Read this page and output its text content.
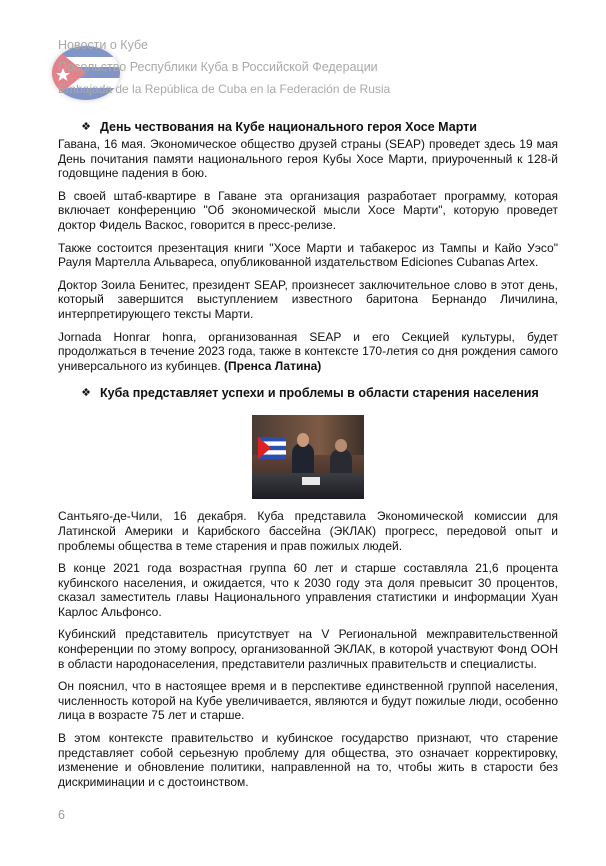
Новости о Кубе
Посольство Республики Куба в Российской Федерации
Embajada de la República de Cuba en la Federación de Rusia
❖ День чествования на Кубе национального героя Хосе Марти

Гавана, 16 мая. Экономическое общество друзей страны (SEAP) проведет здесь 19 мая День почитания памяти национального героя Кубы Хосе Марти, приуроченный к 128-й годовщине падения в бою.

В своей штаб-квартире в Гаване эта организация разработает программу, которая включает конференцию "Об экономической мысли Хосе Марти", которую проведет доктор Фидель Васкос, говорится в пресс-релизе.

Также состоится презентация книги "Хосе Марти и табакерос из Тампы и Кайо Уэсо" Рауля Мартелла Альвареса, опубликованной издательством Ediciones Cubanas Artex.

Доктор Зоила Бенитес, президент SEAP, произнесет заключительное слово в этот день, который завершится выступлением известного баритона Бернандо Личилина, интерпретирующего тексты Марти.

Jornada Honrar honra, организованная SEAP и его Секцией культуры, будет продолжаться в течение 2023 года, также в контексте 170-летия со дня рождения самого универсального из кубинцев. (Пренса Латина)

❖ Куба представляет успехи и проблемы в области старения населения

Сантьяго-де-Чили, 16 декабря. Куба представила Экономической комиссии для Латинской Америки и Карибского бассейна (ЭКЛАК) прогресс, передовой опыт и проблемы общества в теме старения и прав пожилых людей.

В конце 2021 года возрастная группа 60 лет и старше составляла 21,6 процента кубинского населения, и ожидается, что к 2030 году эта доля превысит 30 процентов, сказал заместитель главы Национального управления статистики и информации Хуан Карлос Альфонсо.

Кубинский представитель присутствует на V Региональной межправительственной конференции по этому вопросу, организованной ЭКЛАК, в которой участвуют Фонд ООН в области народонаселения, представители различных правительств и специалисты.

Он пояснил, что в настоящее время и в перспективе единственной группой населения, численность которой на Кубе увеличивается, являются и будут пожилые люди, особенно лица в возрасте 75 лет и старше.

В этом контексте правительство и кубинское государство признают, что старение представляет собой серьезную проблему для общества, это означает корректировку, изменение и обновление политики, направленной на то, чтобы жить в старости без дискриминации и с достоинством.

6
